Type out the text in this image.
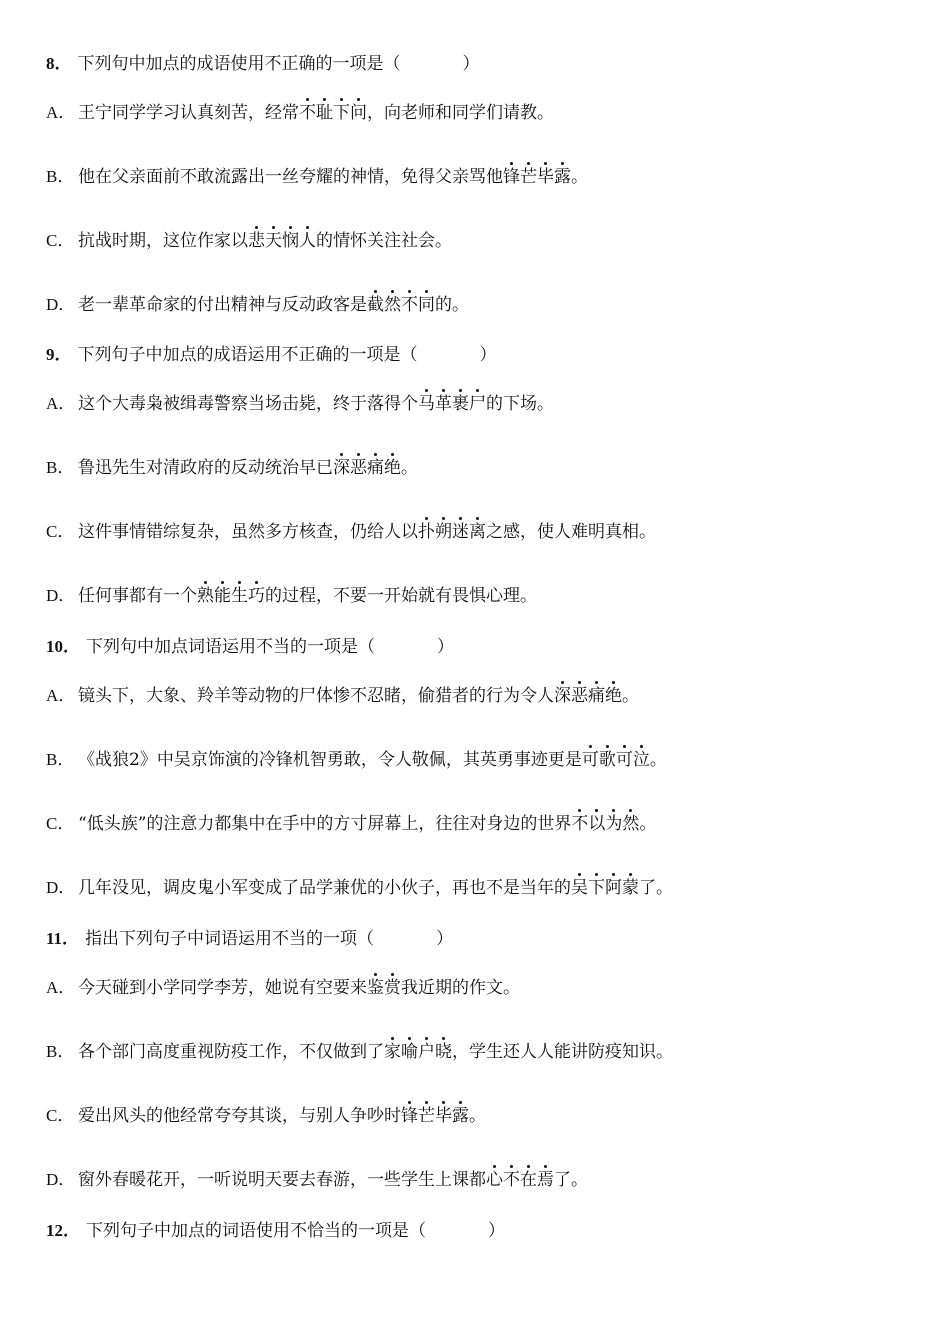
8． 下列句中加点的成语使用不正确的一项是（	）
A． 王宁同学学习认真刻苦，经常不耻下问，向老师和同学们请教。
B． 他在父亲面前不敢流露出一丝夸耀的神情，免得父亲骂他锋芒毕露。
C． 抗战时期，这位作家以悲天悯人的情怀关注社会。
D． 老一辈革命家的付出精神与反动政客是截然不同的。
9． 下列句子中加点的成语运用不正确的一项是（	）
A． 这个大毒枭被缉毒警察当场击毙，终于落得个马革裹尸的下场。
B． 鲁迅先生对清政府的反动统治早已深恶痛绝。
C． 这件事情错综复杂，虽然多方核查，仍给人以扑朔迷离之感，使人难明真相。
D． 任何事都有一个熟能生巧的过程，不要一开始就有畏惧心理。
10． 下列句中加点词语运用不当的一项是（	）
A． 镜头下，大象、羚羊等动物的尸体惨不忍睹，偷猎者的行为令人深恶痛绝。
B． 《战狼2》中吴京饰演的冷锋机智勇敢，令人敬佩，其英勇事迹更是可歌可泣。
C． “低头族”的注意力都集中在手中的方寸屏幕上，往往对身边的世界不以为然。
D． 几年没见，调皮鬼小军变成了品学兼优的小伙子，再也不是当年的吴下阿蒙了。
11． 指出下列句子中词语运用不当的一项（	）
A． 今天碰到小学同学李芳，她说有空要来鉴赏我近期的作文。
B． 各个部门高度重视防疫工作，不仅做到了家喻户晓，学生还人人能讲防疫知识。
C． 爱出风头的他经常夸夸其谈，与别人争吵时锋芒毕露。
D． 窗外春暖花开，一听说明天要去春游，一些学生上课都心不在焉了。
12． 下列句子中加点的词语使用不恰当的一项是（	）
